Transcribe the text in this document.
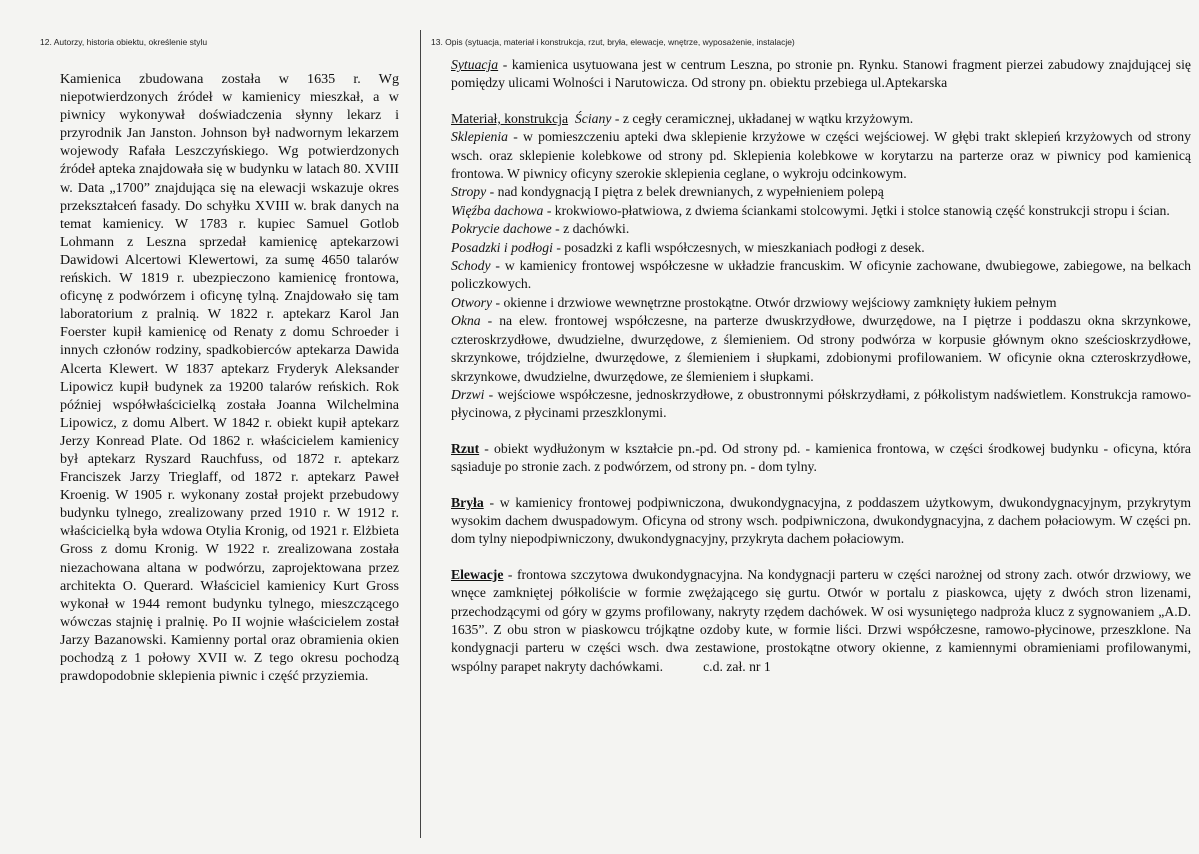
12. Autorzy, historia obiektu, określenie stylu
Kamienica zbudowana została w 1635 r. Wg niepotwierdzonych źródeł w kamienicy mieszkał, a w piwnicy wykonywał doświadczenia słynny lekarz i przyrodnik Jan Janston. Johnson był nadwornym lekarzem wojewody Rafała Leszczyńskiego. Wg potwierdzonych źródeł apteka znajdowała się w budynku w latach 80. XVIII w. Data „1700” znajdująca się na elewacji wskazuje okres przekształceń fasady. Do schyłku XVIII w. brak danych na temat kamienicy. W 1783 r. kupiec Samuel Gotlob Lohmann z Leszna sprzedał kamienicę aptekarzowi Dawidowi Alcertowi Klewertowi, za sumę 4650 talarów reńskich. W 1819 r. ubezpieczono kamienicę frontowa, oficynę z podwórzem i oficynę tylną. Znajdowało się tam laboratorium z pralnią. W 1822 r. aptekarz Karol Jan Foerster kupił kamienicę od Renaty z domu Schroeder i innych członów rodziny, spadkobierców aptekarza Dawida Alcerta Klewert. W 1837 aptekarz Fryderyk Aleksander Lipowicz kupił budynek za 19200 talarów reńskich. Rok później współwłaścicielką została Joanna Wilchelmina Lipowicz, z domu Albert. W 1842 r. obiekt kupił aptekarz Jerzy Konread Plate. Od 1862 r. właścicielem kamienicy był aptekarz Ryszard Rauchfuss, od 1872 r. aptekarz Franciszek Jarzy Trieglaff, od 1872 r. aptekarz Paweł Kroenig. W 1905 r. wykonany został projekt przebudowy budynku tylnego, zrealizowany przed 1910 r. W 1912 r. właścicielką była wdowa Otylia Kronig, od 1921 r. Elżbieta Gross z domu Kronig. W 1922 r. zrealizowana została niezachowana altana w podwórzu, zaprojektowana przez architekta O. Querard. Właściciel kamienicy Kurt Gross wykonał w 1944 remont budynku tylnego, mieszczącego wówczas stajnię i pralnię. Po II wojnie właścicielem został Jarzy Bazanowski. Kamienny portal oraz obramienia okien pochodzą z 1 połowy XVII w. Z tego okresu pochodzą prawdopodobnie sklepienia piwnic i część przyziemia.
13. Opis (sytuacja, materiał i konstrukcja, rzut, bryła, elewacje, wnętrze, wyposażenie, instalacje)

Sytuacja - kamienica usytuowana jest w centrum Leszna, po stronie pn. Rynku. Stanowi fragment pierzei zabudowy znajdującej się pomiędzy ulicami Wolności i Narutowicza. Od strony pn. obiektu przebiega ul.Aptekarska

Materiał, konstrukcja Ściany - z cegły ceramicznej, układanej w wątku krzyżowym.

Sklepienia - w pomieszczeniu apteki dwa sklepienie krzyżowe w części wejściowej. W głębi trakt sklepień krzyżowych od strony wsch. oraz sklepienie kolebkowe od strony pd. Sklepienia kolebkowe w korytarzu na parterze oraz w piwnicy pod kamienicą frontowa. W piwnicy oficyny szerokie sklepienia ceglane, o wykroju odcinkowym.

Stropy - nad kondygnacją I piętra z belek drewnianych, z wypełnieniem polepą

Więźba dachowa - krokwiowo-płatwiowa, z dwiema ściankami stolcowymi. Jętki i stolce stanowią część konstrukcji stropu i ścian.

Pokrycie dachowe - z dachówki.

Posadzki i podłogi - posadzki z kafli współczesnych, w mieszkaniach podłogi z desek.

Schody - w kamienicy frontowej współczesne w układzie francuskim. W oficynie zachowane, dwubiegowe, zabiegowe, na belkach policzkowych.

Otwory - okienne i drzwiowe wewnętrzne prostokątne. Otwór drzwiowy wejściowy zamknięty łukiem pełnym

Okna - na elew. frontowej współczesne, na parterze dwuskrzydłowe, dwurzędowe, na I piętrze i poddaszu okna skrzynkowe, czteroskrzydłowe, dwudzielne, dwurzędowe, z ślemieniem. Od strony podwórza w korpusie głównym okno sześcioskrzydłowe, skrzynkowe, trójdzielne, dwurzędowe, z ślemieniem i słupkami, zdobionymi profilowaniem. W oficynie okna czteroskrzydłowe, skrzynkowe, dwudzielne, dwurzędowe, ze ślemieniem i słupkami.

Drzwi - wejściowe współczesne, jednoskrzydłowe, z obustronnymi półskrzydłami, z półkolistym nadświetlem. Konstrukcja ramowo-płycinowa, z płycinami przeszklonymi.

Rzut - obiekt wydłużonym w kształcie pn.-pd. Od strony pd. - kamienica frontowa, w części środkowej budynku - oficyna, która sąsiaduje po stronie zach. z podwórzem, od strony pn. - dom tylny.

Bryła - w kamienicy frontowej podpiwniczona, dwukondygnacyjna, z poddaszem użytkowym, dwukondygnacyjnym, przykrytym wysokim dachem dwuspadowym. Oficyna od strony wsch. podpiwniczona, dwukondygnacyjna, z dachem połaciowym. W części pn. dom tylny niepodpiwniczony, dwukondygnacyjny, przykryta dachem połaciowym.

Elewacje - frontowa szczytowa dwukondygnacyjna. Na kondygnacji parteru w części narożnej od strony zach. otwór drzwiowy, we wnęce zamkniętej półkoliście w formie zwężającego się gurtu. Otwór w portalu z piaskowca, ujęty z dwóch stron lizenami, przechodzącymi od góry w gzyms profilowany, nakryty rzędem dachówek. W osi wysuniętego nadproża klucz z sygnowaniem „A.D. 1635”. Z obu stron w piaskowcu trójkątne ozdoby kute, w formie liści. Drzwi współczesne, ramowo-płycinowe, przeszklone. Na kondygnacji parteru w części wsch. dwa zestawione, prostokątne otwory okienne, z kamiennymi obramieniami profilowanymi, wspólny parapet nakryty dachówkami.	c.d. zał. nr 1
